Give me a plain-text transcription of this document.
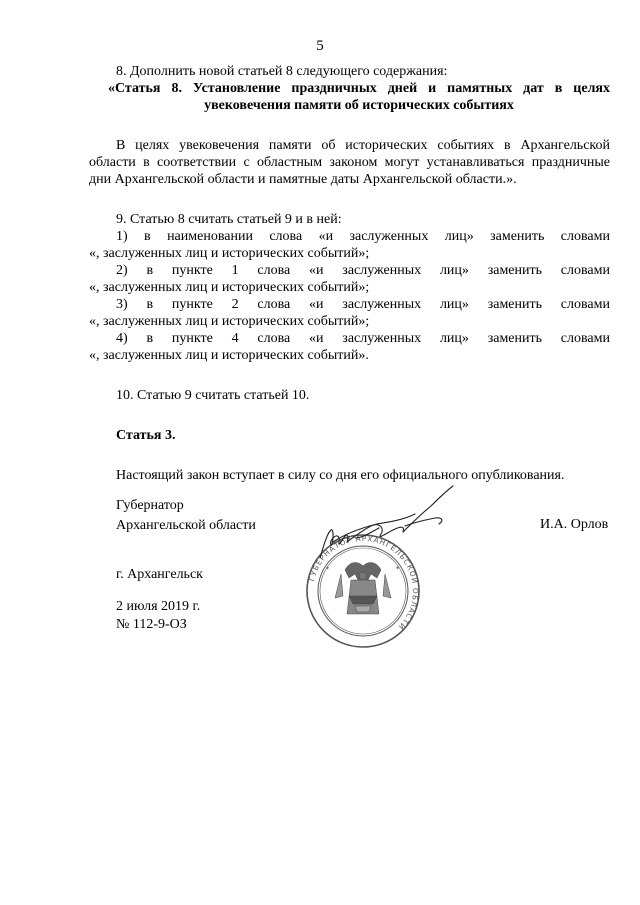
5

8. Дополнить новой статьей 8 следующего содержания:

«Статья 8. Установление праздничных дней и памятных дат в целях

увековечения памяти об исторических событиях

В целях увековечения памяти об исторических событиях в Архангельской

области в соответствии с областным законом могут устанавливаться праздничные

дни Архангельской области и памятные даты Архангельской области.».

9. Статью 8 считать статьей 9 и в ней:

1) в наименовании слова «и заслуженных лиц» заменить словами

«, заслуженных лиц и исторических событий»;

2) в пункте 1 слова «и заслуженных лиц» заменить словами

«, заслуженных лиц и исторических событий»;

3) в пункте 2 слова «и заслуженных лиц» заменить словами

«, заслуженных лиц и исторических событий»;

4) в пункте 4 слова «и заслуженных лиц» заменить словами

«, заслуженных лиц и исторических событий».

10. Статью 9 считать статьей 10.

Статья 3.

Настоящий закон вступает в силу со дня его официального опубликования.

Губернатор
Архангельской области	И.А. Орлов
ГУБЕРНАТОР АРХАНГЕЛЬСКОЙ ОБЛАСТИ
✦
✦
г. Архангельск
2 июля 2019 г.
№ 112-9-ОЗ
